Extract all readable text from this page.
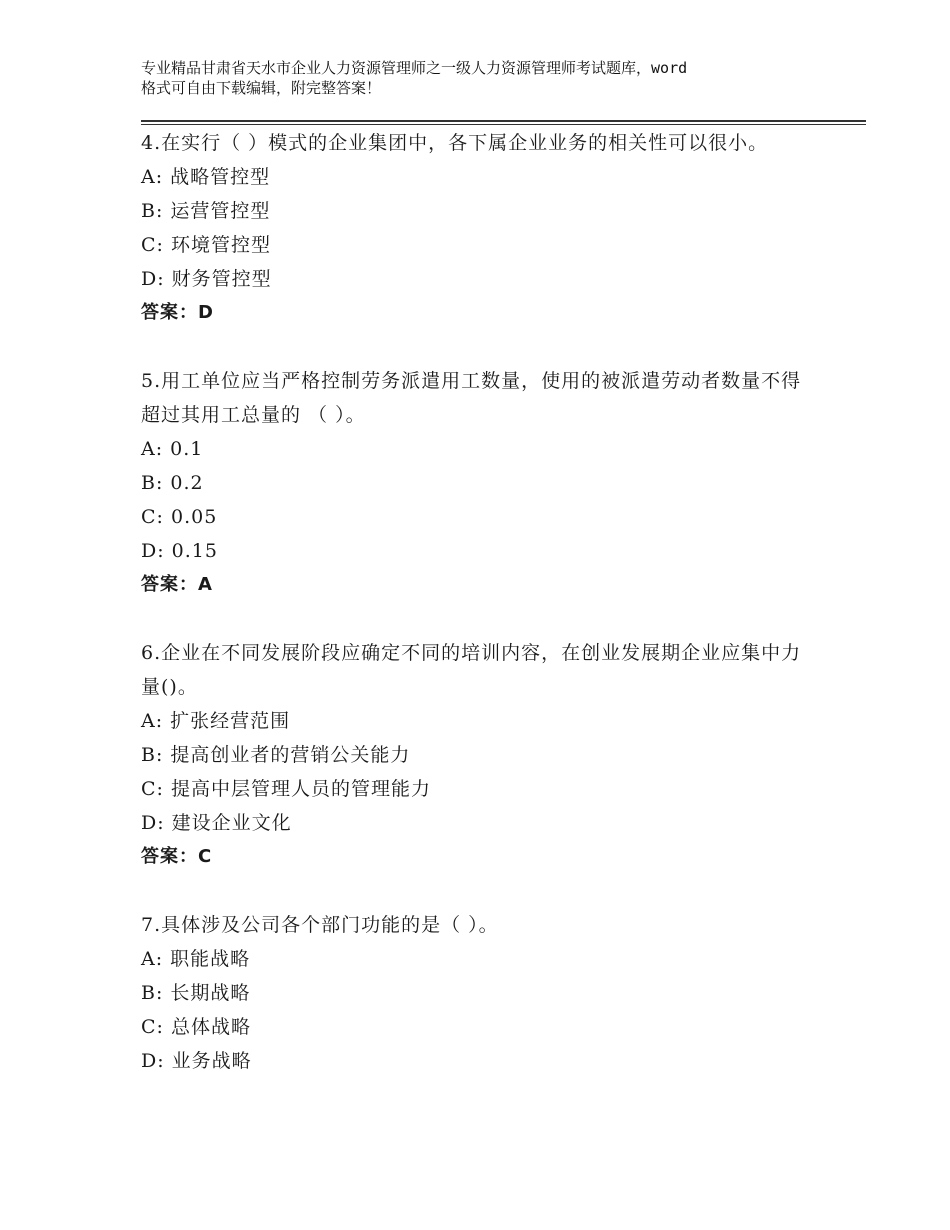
专业精品甘肃省天水市企业人力资源管理师之一级人力资源管理师考试题库，word
格式可自由下载编辑，附完整答案！
4.在实行（ ）模式的企业集团中，各下属企业业务的相关性可以很小。
A: 战略管控型
B: 运营管控型
C: 环境管控型
D: 财务管控型
答案：D
5.用工单位应当严格控制劳务派遣用工数量，使用的被派遣劳动者数量不得超过其用工总量的 （ ）。
A: 0.1
B: 0.2
C: 0.05
D: 0.15
答案：A
6.企业在不同发展阶段应确定不同的培训内容，在创业发展期企业应集中力量()。
A: 扩张经营范围
B: 提高创业者的营销公关能力
C: 提高中层管理人员的管理能力
D: 建设企业文化
答案：C
7.具体涉及公司各个部门功能的是（ ）。
A: 职能战略
B: 长期战略
C: 总体战略
D: 业务战略
